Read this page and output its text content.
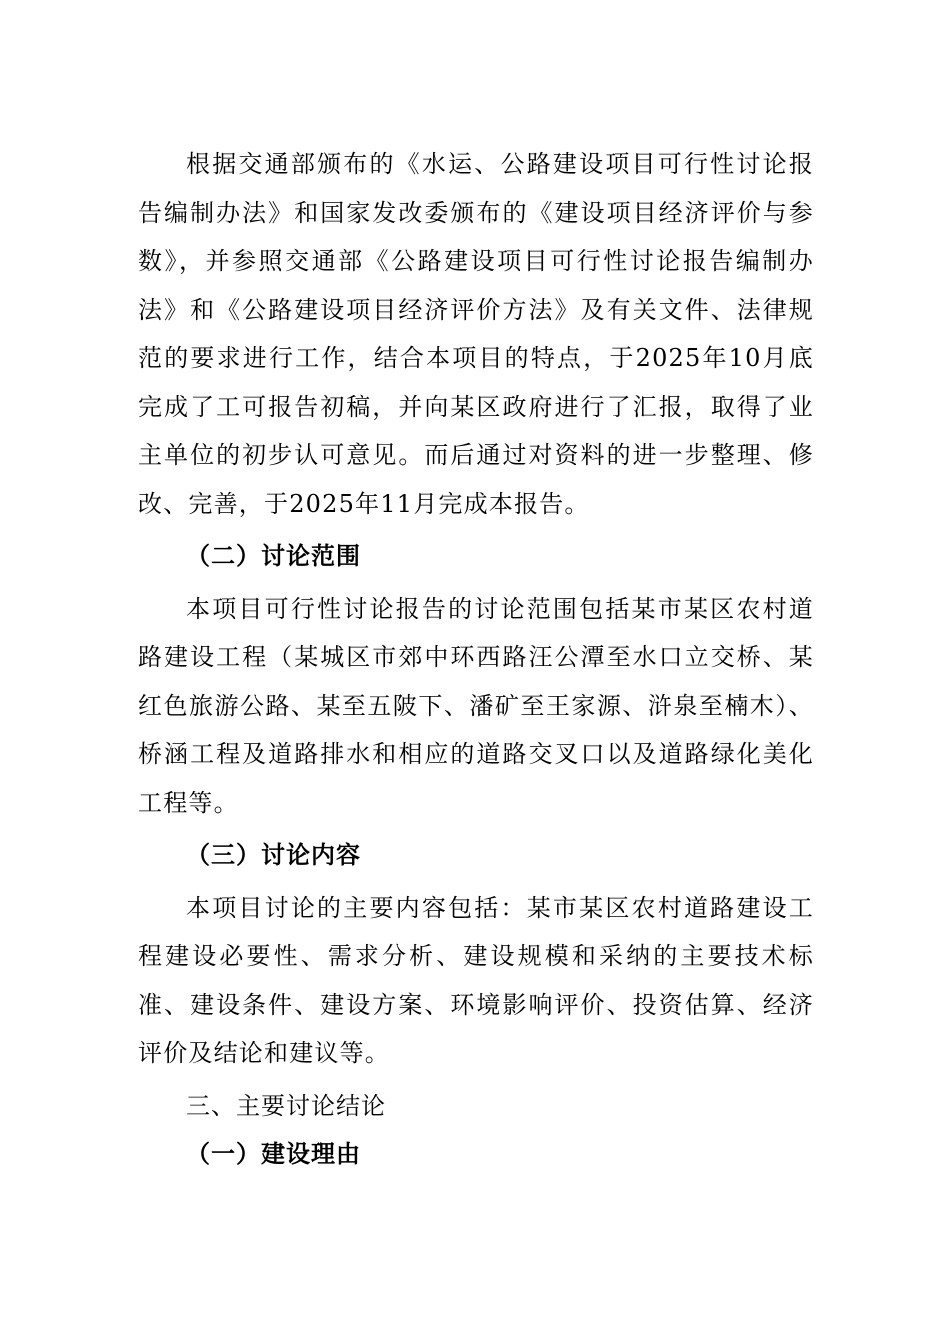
根据交通部颁布的《水运、公路建设项目可行性讨论报告编制办法》和国家发改委颁布的《建设项目经济评价与参数》，并参照交通部《公路建设项目可行性讨论报告编制办法》和《公路建设项目经济评价方法》及有关文件、法律规范的要求进行工作，结合本项目的特点，于2025年10月底完成了工可报告初稿，并向某区政府进行了汇报，取得了业主单位的初步认可意见。而后通过对资料的进一步整理、修改、完善，于2025年11月完成本报告。

（二）讨论范围

本项目可行性讨论报告的讨论范围包括某市某区农村道路建设工程（某城区市郊中环西路汪公潭至水口立交桥、某红色旅游公路、某至五陂下、潘矿至王家源、浒泉至楠木）、桥涵工程及道路排水和相应的道路交叉口以及道路绿化美化工程等。

（三）讨论内容

本项目讨论的主要内容包括：某市某区农村道路建设工程建设必要性、需求分析、建设规模和采纳的主要技术标准、建设条件、建设方案、环境影响评价、投资估算、经济评价及结论和建议等。

三、主要讨论结论

（一）建设理由
